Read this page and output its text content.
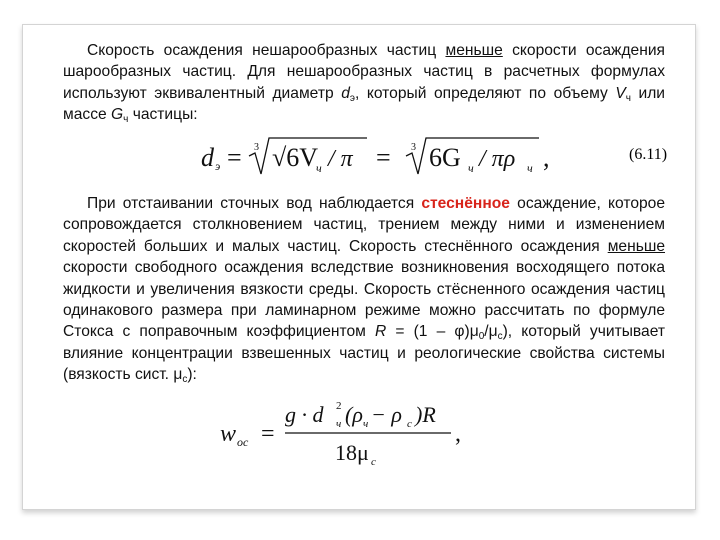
Скорость осаждения нешарообразных частиц меньше скорости осаждения шарообразных частиц. Для нешарообразных частиц в расчетных формулах используют эквивалентный диаметр $d_э$, который определяют по объему $V_ч$ или массе $G_ч$ частицы:
d э = 3 √6V
ч / π = 3 6G ч / πρ ч ,	(6.11)
При отстаивании сточных вод наблюдается стеснённое осаждение, которое сопровождается столкновением частиц, трением между ними и изменением скоростей больших и малых частиц. Скорость стеснённого осаждения меньше скорости свободного осаждения вследствие возникновения восходящего потока жидкости и увеличения вязкости среды. Скорость стёсненного осаждения частиц одинакового размера при ламинарном режиме можно рассчитать по формуле Стокса с поправочным коэффициентом $R = (1 - \varphi)\mu_0/\mu_с$), который учитывает влияние концентрации взвешенных частиц и реологические свойства системы (вязкость сист. $\mu_с$):
w ос =
g · d 2
ч (ρ ч − ρ c )R
18μ c
,
